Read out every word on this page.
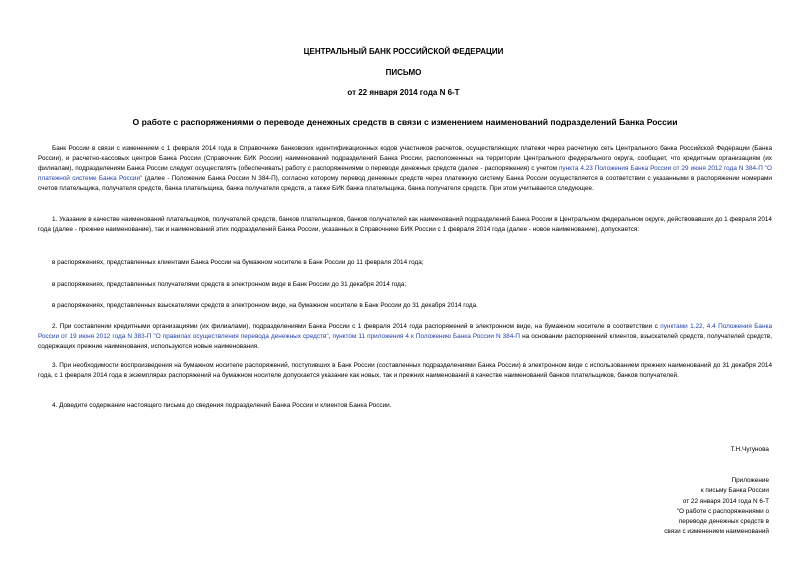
ЦЕНТРАЛЬНЫЙ БАНК РОССИЙСКОЙ ФЕДЕРАЦИИ
ПИСЬМО
от 22 января 2014 года N 6-Т
О работе с распоряжениями о переводе денежных средств в связи с изменением наименований подразделений Банка России

Банк России в связи с изменением с 1 февраля 2014 года в Справочнике банковских идентификационных кодов участников расчетов, осуществляющих платежи через расчетную сеть Центрального банка Российской Федерации (Банка России), и расчетно-кассовых центров Банка России (Справочник БИК России) наименований подразделений Банка России, расположенных на территории Центрального федерального округа, сообщает, что кредитным организациям (их филиалам), подразделениям Банка России следует осуществлять (обеспечивать) работу с распоряжениями о переводе денежных средств (далее - распоряжения) с учетом пункта 4.23 Положения Банка России от 29 июня 2012 года N 384-П "О платежной системе Банка России" (далее - Положение Банка России N 384-П), согласно которому перевод денежных средств через платежную систему Банка России осуществляется в соответствии с указанными в распоряжении номерами счетов плательщика, получателя средств, банка плательщика, банка получателя средств, а также БИК банка плательщика, банка получателя средств. При этом учитывается следующее.

1. Указание в качестве наименований плательщиков, получателей средств, банков плательщиков, банков получателей как наименований подразделений Банка России в Центральном федеральном округе, действовавших до 1 февраля 2014 года (далее - прежнее наименование), так и наименований этих подразделений Банка России, указанных в Справочнике БИК России с 1 февраля 2014 года (далее - новое наименование), допускается:

в распоряжениях, представленных клиентами Банка России на бумажном носителе в Банк России до 11 февраля 2014 года;
в распоряжениях, представленных получателями средств в электронном виде в Банк России до 31 декабря 2014 года;
в распоряжениях, представленных взыскателями средств в электронном виде, на бумажном носителе в Банк России до 31 декабря 2014 года.

2. При составлении кредитными организациями (их филиалами), подразделениями Банка России с 1 февраля 2014 года распоряжений в электронном виде, на бумажном носителе в соответствии с пунктами 1.22, 4.4 Положения Банка России от 19 июня 2012 года N 383-П "О правилах осуществления перевода денежных средств", пунктом 11 приложения 4 к Положению Банка России N 384-П на основании распоряжений клиентов, взыскателей средств, получателей средств, содержащих прежние наименования, используются новые наименования.

3. При необходимости воспроизведения на бумажном носителе распоряжений, поступивших в Банк России (составленных подразделениями Банка России) в электронном виде с использованием прежних наименований до 31 декабря 2014 года, с 1 февраля 2014 года в экземплярах распоряжений на бумажном носителе допускается указание как новых, так и прежних наименований в качестве наименований банков плательщиков, банков получателей.

4. Доведите содержание настоящего письма до сведения подразделений Банка России и клиентов Банка России.

Т.Н.Чугунова
Приложение
к письму Банка России
от 22 января 2014 года N 6-Т
"О работе с распоряжениями о
переводе денежных средств в
связи с изменением наименований
